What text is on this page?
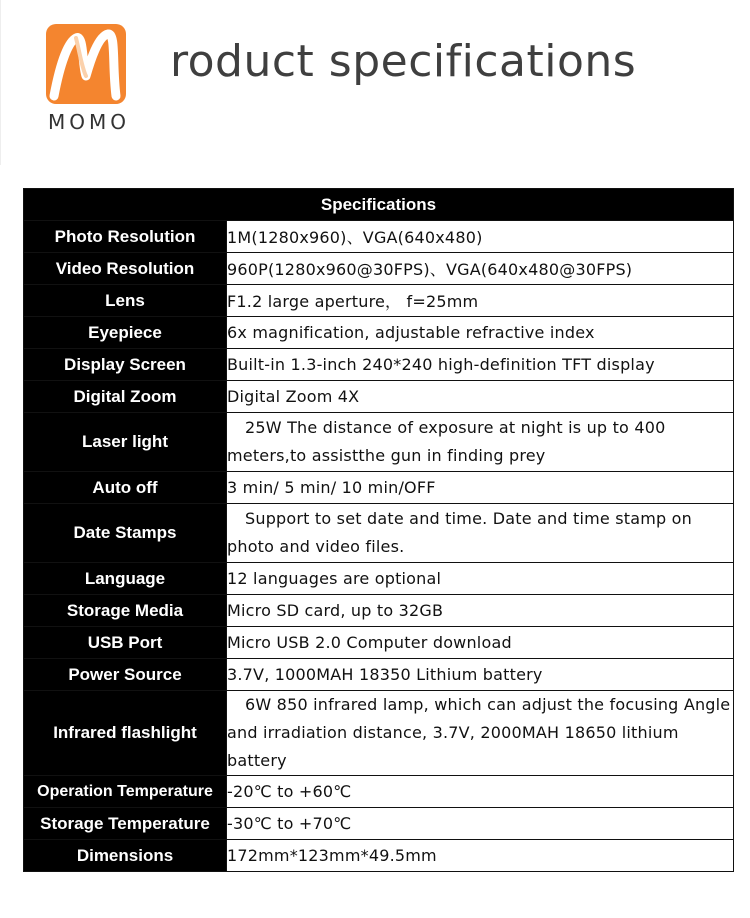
MOMO
roduct specifications
Specifications	
Photo Resolution	1M(1280x960)、VGA(640x480)
Video Resolution	960P(1280x960@30FPS)、VGA(640x480@30FPS)
Lens	F1.2 large aperture， f=25mm
Eyepiece	6x magnification, adjustable refractive index
Display Screen	Built-in 1.3-inch 240*240 high-definition TFT display
Digital Zoom	Digital Zoom 4X
Laser light	25W The distance of exposure at night is up to 400 meters,to assistthe gun in finding prey
Auto off	3 min/ 5 min/ 10 min/OFF
Date Stamps	Support to set date and time. Date and time stamp on photo and video files.
Language	12 languages are optional
Storage Media	Micro SD card, up to 32GB
USB Port	Micro USB 2.0 Computer download
Power Source	3.7V, 1000MAH 18350 Lithium battery
Infrared flashlight	6W 850 infrared lamp, which can adjust the focusing Angle and irradiation distance, 3.7V, 2000MAH 18650 lithium battery
Operation Temperature	-20℃ to +60℃
Storage Temperature	-30℃ to +70℃
Dimensions	172mm*123mm*49.5mm
